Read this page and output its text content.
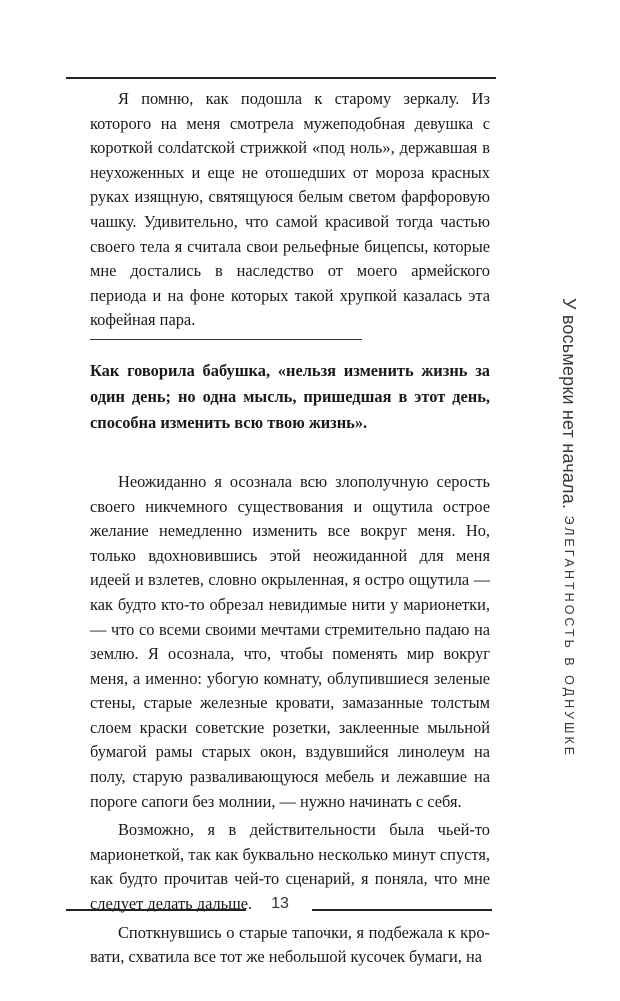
Я помню, как подошла к старому зеркалу. Из которого на меня смотрела мужеподобная девушка с короткой солdатской стрижкой «под ноль», державшая в неухоженных и еще не отошедших от мороза красных руках изящную, святящуюся белым светом фарфоровую чашку. Удивительно, что самой красивой тогда частью своего тела я считала свои рельефные бицепсы, которые мне достались в наследство от моего армейского периода и на фоне которых такой хрупкой казалась эта кофейная пара.

Как говорила бабушка, «нельзя изменить жизнь за один день; но одна мысль, пришедшая в этот день, способна изменить всю твою жизнь».

Неожиданно я осознала всю злополучную серость своего никчемного существования и ощутила острое желание немедленно изменить все вокруг меня. Но, только вдохновившись этой неожиданной для меня идеей и взлетев, словно окрыленная, я остро ощутила — как будто кто-то обрезал невидимые нити у марионетки, — что со всеми своими мечтами стремительно падаю на землю. Я осознала, что, чтобы поменять мир вокруг меня, а именно: убогую комнату, облупившиеся зеленые стены, старые железные кровати, замазанные толстым слоем краски советские розетки, заклeенные мыльной бумагой рамы старых окон, вздувшийся линолеум на полу, старую разваливающуюся мебель и лежавшие на пороге сапоги без молнии, — нужно начинать с себя.

Возможно, я в действительности была чьей-то марионеткой, так как буквально несколько минут спустя, как будто прочитав чей-то сценарий, я поняла, что мне следует делать дальше.

Споткнувшись о старые тапочки, я подбежала к кровати, схватила все тот же небольшой кусочек бумаги, на

У восьмерки нет начала. ЭЛЕГАНТНОСТЬ В ОДНУШКЕ
13
